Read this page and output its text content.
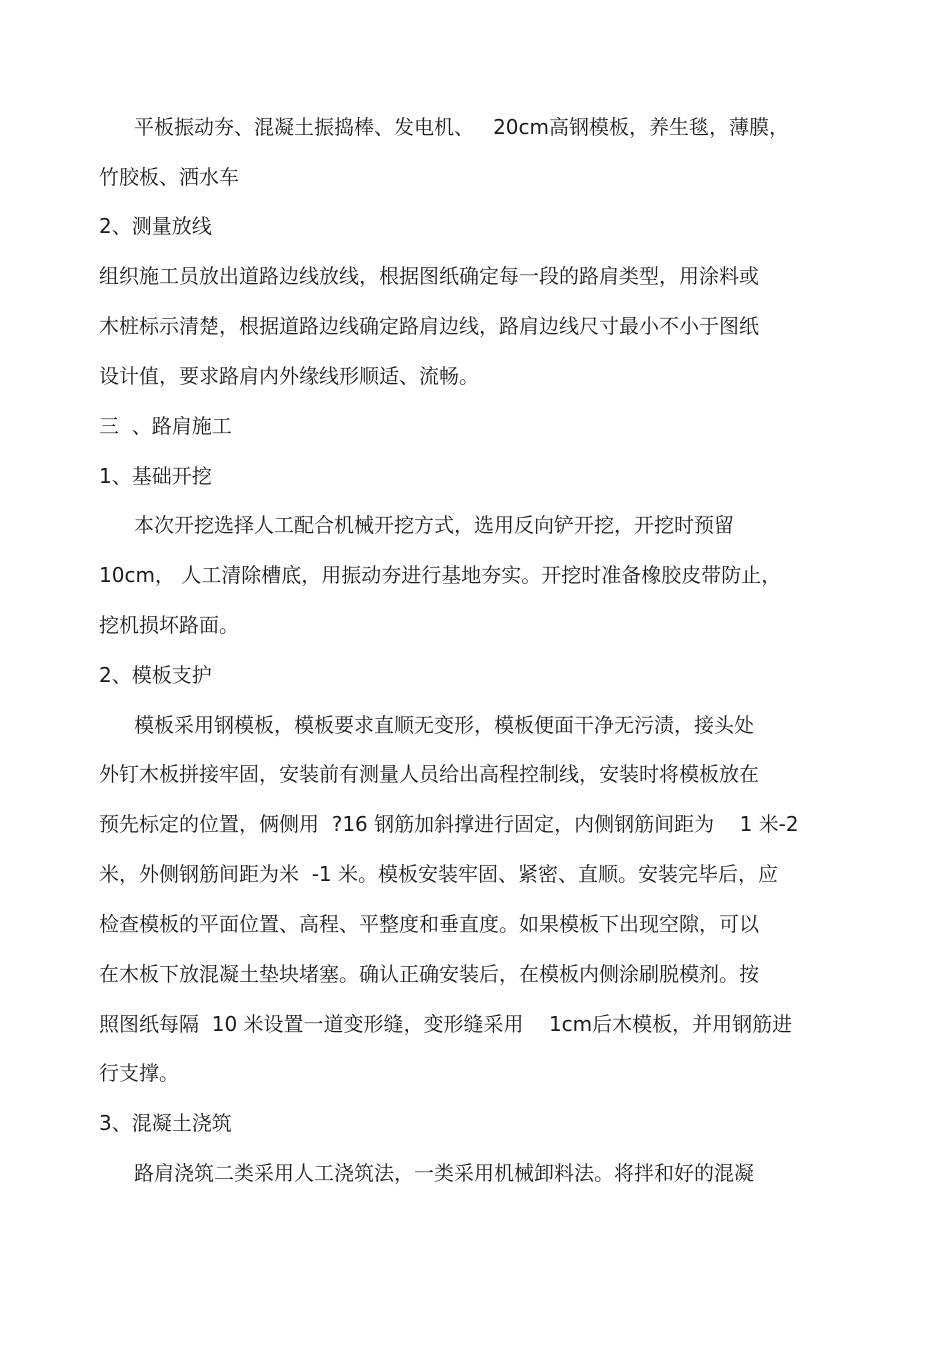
平板振动夯、混凝土振捣棒、发电机、   20cm高钢模板，养生毯，薄膜，
竹胶板、洒水车
2、测量放线
组织施工员放出道路边线放线，根据图纸确定每一段的路肩类型，用涂料或
木桩标示清楚，根据道路边线确定路肩边线，路肩边线尺寸最小不小于图纸
设计值，要求路肩内外缘线形顺适、流畅。
三  、路肩施工
1、基础开挖
本次开挖选择人工配合机械开挖方式，选用反向铲开挖，开挖时预留
10cm， 人工清除槽底，用振动夯进行基地夯实。开挖时准备橡胶皮带防止，
挖机损坏路面。
2、模板支护
模板采用钢模板，模板要求直顺无变形，模板便面干净无污渍，接头处
外钉木板拼接牢固，安装前有测量人员给出高程控制线，安装时将模板放在
预先标定的位置，俩侧用  ?16 钢筋加斜撑进行固定，内侧钢筋间距为    1 米-2
米，外侧钢筋间距为米  -1 米。模板安装牢固、紧密、直顺。安装完毕后，应
检查模板的平面位置、高程、平整度和垂直度。如果模板下出现空隙，可以
在木板下放混凝土垫块堵塞。确认正确安装后，在模板内侧涂刷脱模剂。按
照图纸每隔  10 米设置一道变形缝，变形缝采用    1cm后木模板，并用钢筋进
行支撑。
3、混凝土浇筑
路肩浇筑二类采用人工浇筑法，一类采用机械卸料法。将拌和好的混凝
